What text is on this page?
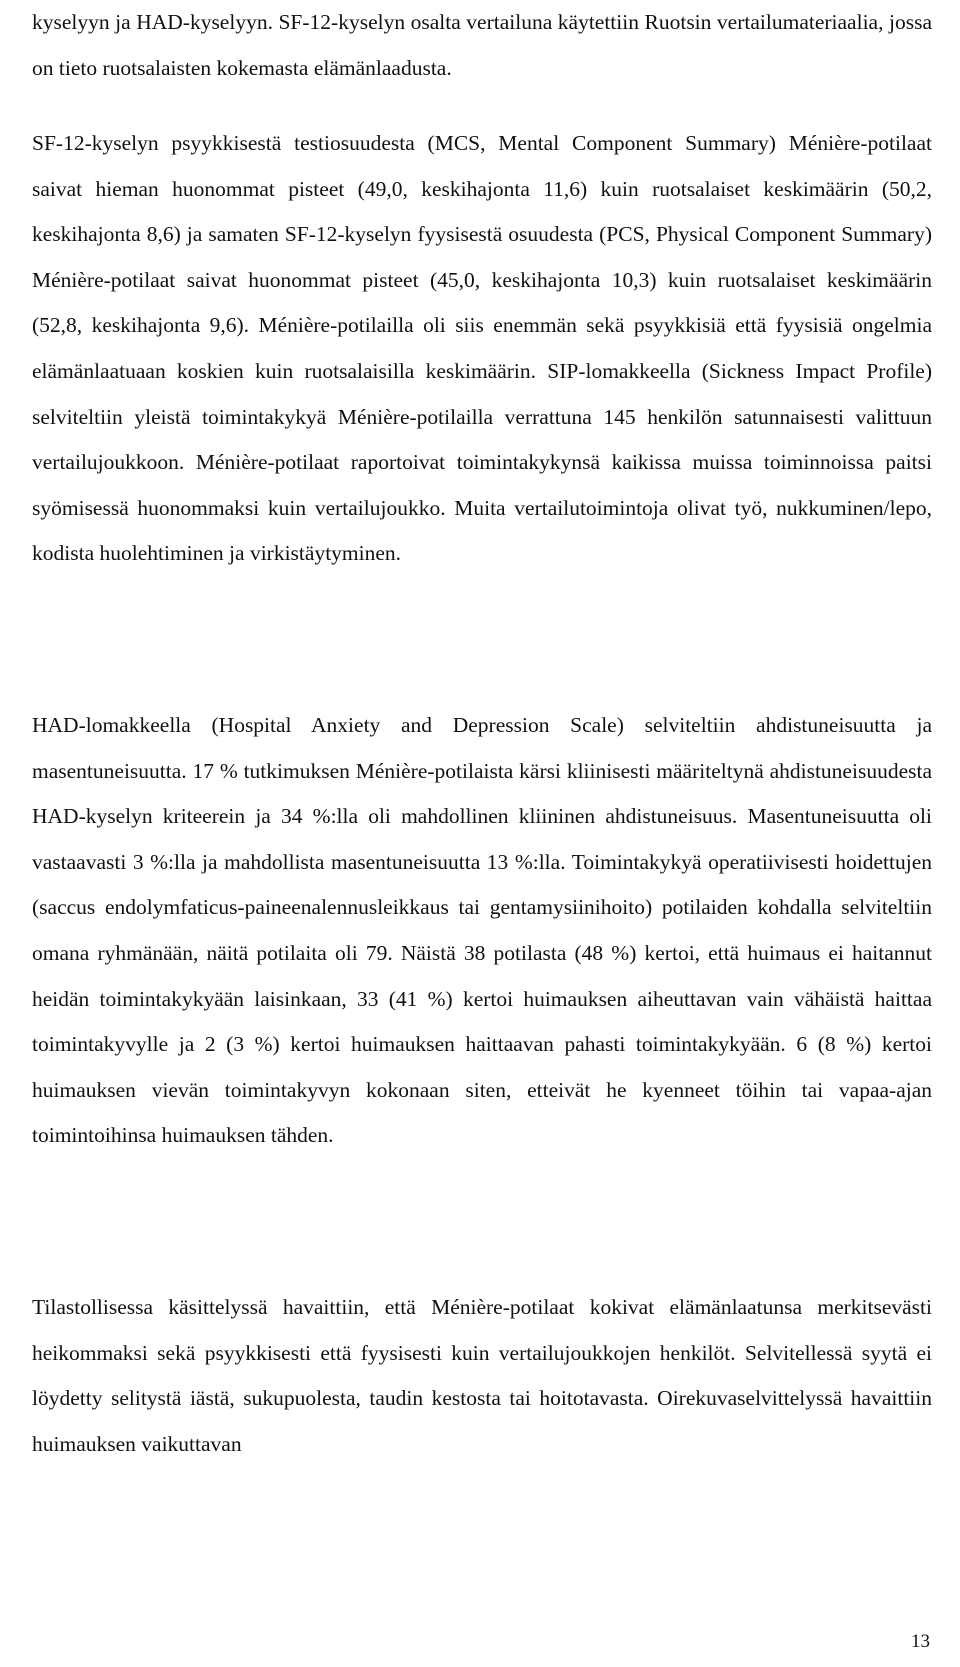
kyselyyn ja HAD-kyselyyn. SF-12-kyselyn osalta vertailuna käytettiin Ruotsin vertailumateriaalia, jossa on tieto ruotsalaisten kokemasta elämänlaadusta.

SF-12-kyselyn psyykkisestä testiosuudesta (MCS, Mental Component Summary) Ménière-potilaat saivat hieman huonommat pisteet (49,0, keskihajonta 11,6) kuin ruotsalaiset keskimäärin (50,2, keskihajonta 8,6) ja samaten SF-12-kyselyn fyysisestä osuudesta (PCS, Physical Component Summary) Ménière-potilaat saivat huonommat pisteet (45,0, keskihajonta 10,3) kuin ruotsalaiset keskimäärin (52,8, keskihajonta 9,6). Ménière-potilailla oli siis enemmän sekä psyykkisiä että fyysisiä ongelmia elämänlaatuaan koskien kuin ruotsalaisilla keskimäärin. SIP-lomakkeella (Sickness Impact Profile) selviteltiin yleistä toimintakykyä Ménière-potilailla verrattuna 145 henkilön satunnaisesti valittuun vertailujoukkoon. Ménière-potilaat raportoivat toimintakykynsä kaikissa muissa toiminnoissa paitsi syömisessä huonommaksi kuin vertailujoukko. Muita vertailutoimintoja olivat työ, nukkuminen/lepo, kodista huolehtiminen ja virkistäytyminen.

HAD-lomakkeella (Hospital Anxiety and Depression Scale) selviteltiin ahdistuneisuutta ja masentuneisuutta. 17 % tutkimuksen Ménière-potilaista kärsi kliinisesti määriteltynä ahdistuneisuudesta HAD-kyselyn kriteerein ja 34 %:lla oli mahdollinen kliininen ahdistuneisuus. Masentuneisuutta oli vastaavasti 3 %:lla ja mahdollista masentuneisuutta 13 %:lla. Toimintakykyä operatiivisesti hoidettujen (saccus endolymfaticus-paineenalennusleikkaus tai gentamysiinihoito) potilaiden kohdalla selviteltiin omana ryhmänään, näitä potilaita oli 79. Näistä 38 potilasta (48 %) kertoi, että huimaus ei haitannut heidän toimintakykyään laisinkaan, 33 (41 %) kertoi huimauksen aiheuttavan vain vähäistä haittaa toimintakyvylle ja 2 (3 %) kertoi huimauksen haittaavan pahasti toimintakykyään. 6 (8 %) kertoi huimauksen vievän toimintakyvyn kokonaan siten, etteivät he kyenneet töihin tai vapaa-ajan toimintoihinsa huimauksen tähden.

Tilastollisessa käsittelyssä havaittiin, että Ménière-potilaat kokivat elämänlaatunsa merkitsevästi heikommaksi sekä psyykkisesti että fyysisesti kuin vertailujoukkojen henkilöt. Selvitellessä syytä ei löydetty selitystä iästä, sukupuolesta, taudin kestosta tai hoitotavasta. Oirekuvaselvittelyssä havaittiin huimauksen vaikuttavan

13
